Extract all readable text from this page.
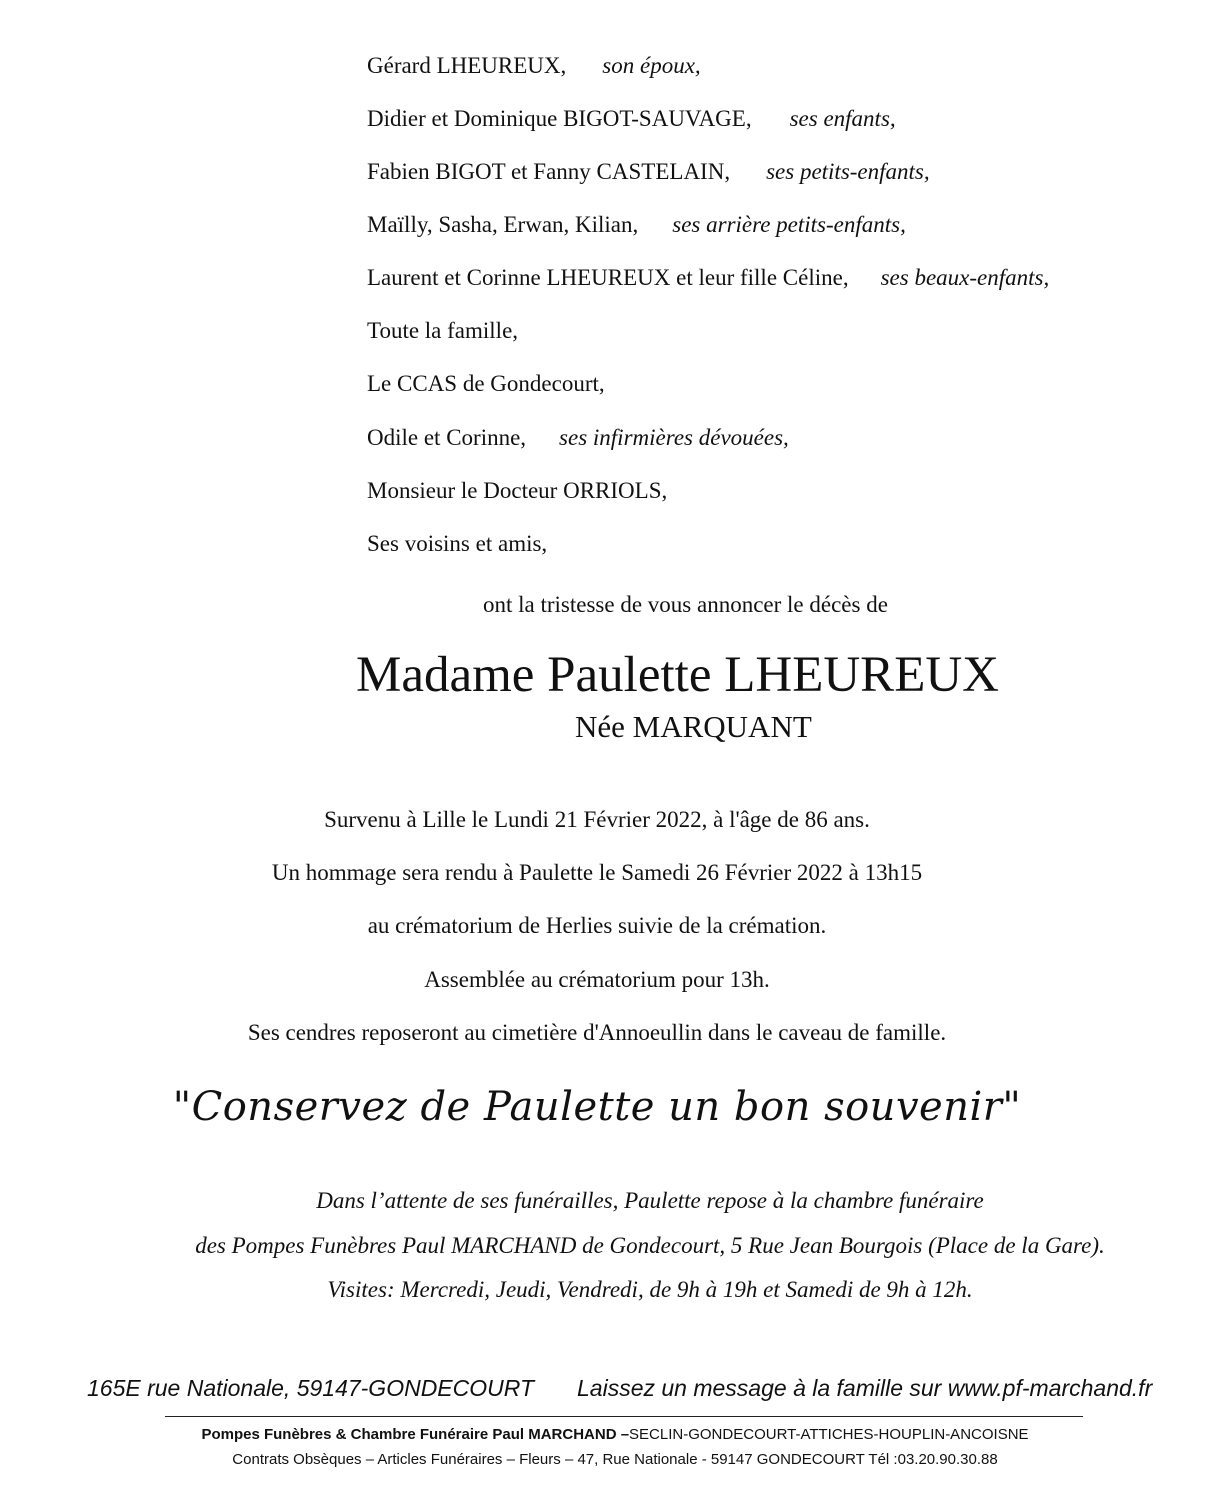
Gérard LHEUREUX, son époux,
Didier et Dominique BIGOT-SAUVAGE, ses enfants,
Fabien BIGOT et Fanny CASTELAIN, ses petits-enfants,
Maïlly, Sasha, Erwan, Kilian, ses arrière petits-enfants,
Laurent et Corinne LHEUREUX et leur fille Céline, ses beaux-enfants,
Toute la famille,
Le CCAS de Gondecourt,
Odile et Corinne, ses infirmières dévouées,
Monsieur le Docteur ORRIOLS,
Ses voisins et amis,
ont la tristesse de vous annoncer le décès de
Madame Paulette LHEUREUX
Née MARQUANT
Survenu à Lille le Lundi 21 Février 2022, à l'âge de 86 ans.
Un hommage sera rendu à Paulette le Samedi 26 Février 2022 à 13h15
au crématorium de Herlies suivie de la crémation.
Assemblée au crématorium pour 13h.
Ses cendres reposeront au cimetière d'Annoeullin dans le caveau de famille.
"Conservez de Paulette un bon souvenir"
Dans l’attente de ses funérailles, Paulette repose à la chambre funéraire
des Pompes Funèbres Paul MARCHAND de Gondecourt, 5 Rue Jean Bourgois (Place de la Gare).
Visites: Mercredi, Jeudi, Vendredi, de 9h à 19h et Samedi de 9h à 12h.
165E rue Nationale, 59147-GONDECOURT Laissez un message à la famille sur www.pf-marchand.fr
Pompes Funèbres & Chambre Funéraire Paul MARCHAND –SECLIN-GONDECOURT-ATTICHES-HOUPLIN-ANCOISNE
Contrats Obsèques – Articles Funéraires – Fleurs – 47, Rue Nationale - 59147 GONDECOURT Tél :03.20.90.30.88
